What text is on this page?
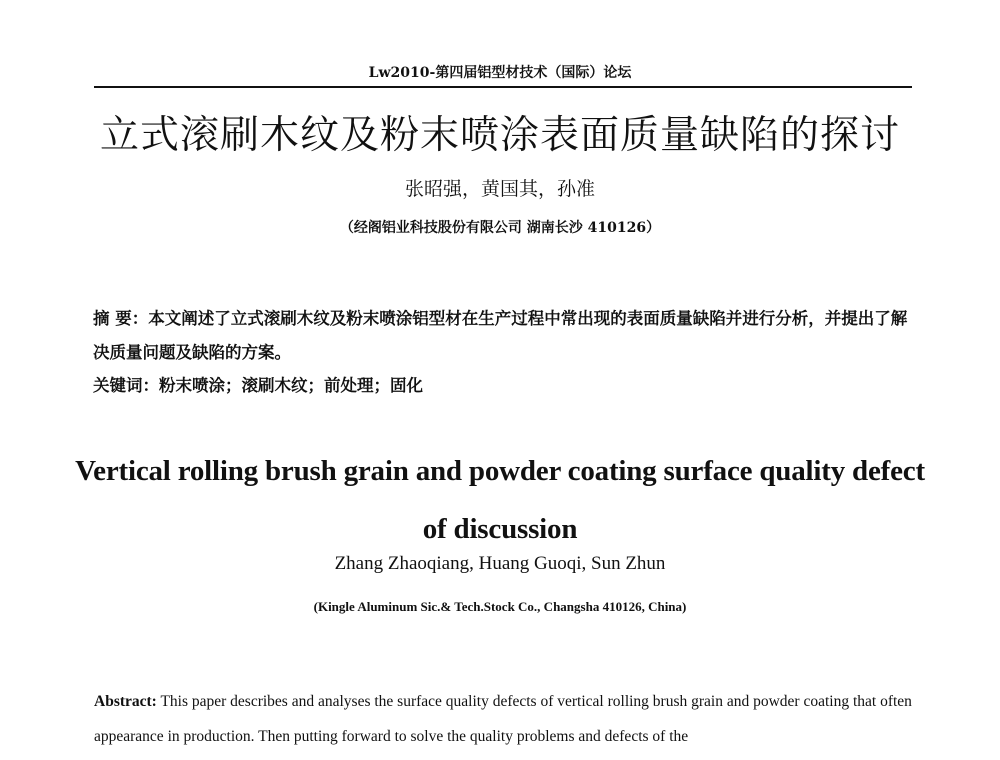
Lw2010-第四届铝型材技术（国际）论坛
立式滚刷木纹及粉末喷涂表面质量缺陷的探讨
张昭强，黄国其，孙准
（经阁铝业科技股份有限公司 湖南长沙 410126）
摘 要：本文阐述了立式滚刷木纹及粉末喷涂铝型材在生产过程中常出现的表面质量缺陷并进行分析，并提出了解决质量问题及缺陷的方案。
关键词：粉末喷涂；滚刷木纹；前处理；固化
Vertical rolling brush grain and powder coating surface quality defect
of discussion
Zhang Zhaoqiang, Huang Guoqi, Sun Zhun
(Kingle Aluminum Sic.& Tech.Stock Co., Changsha 410126, China)
Abstract: This paper describes and analyses the surface quality defects of vertical rolling brush grain and powder coating that often appearance in production. Then putting forward to solve the quality problems and defects of the
